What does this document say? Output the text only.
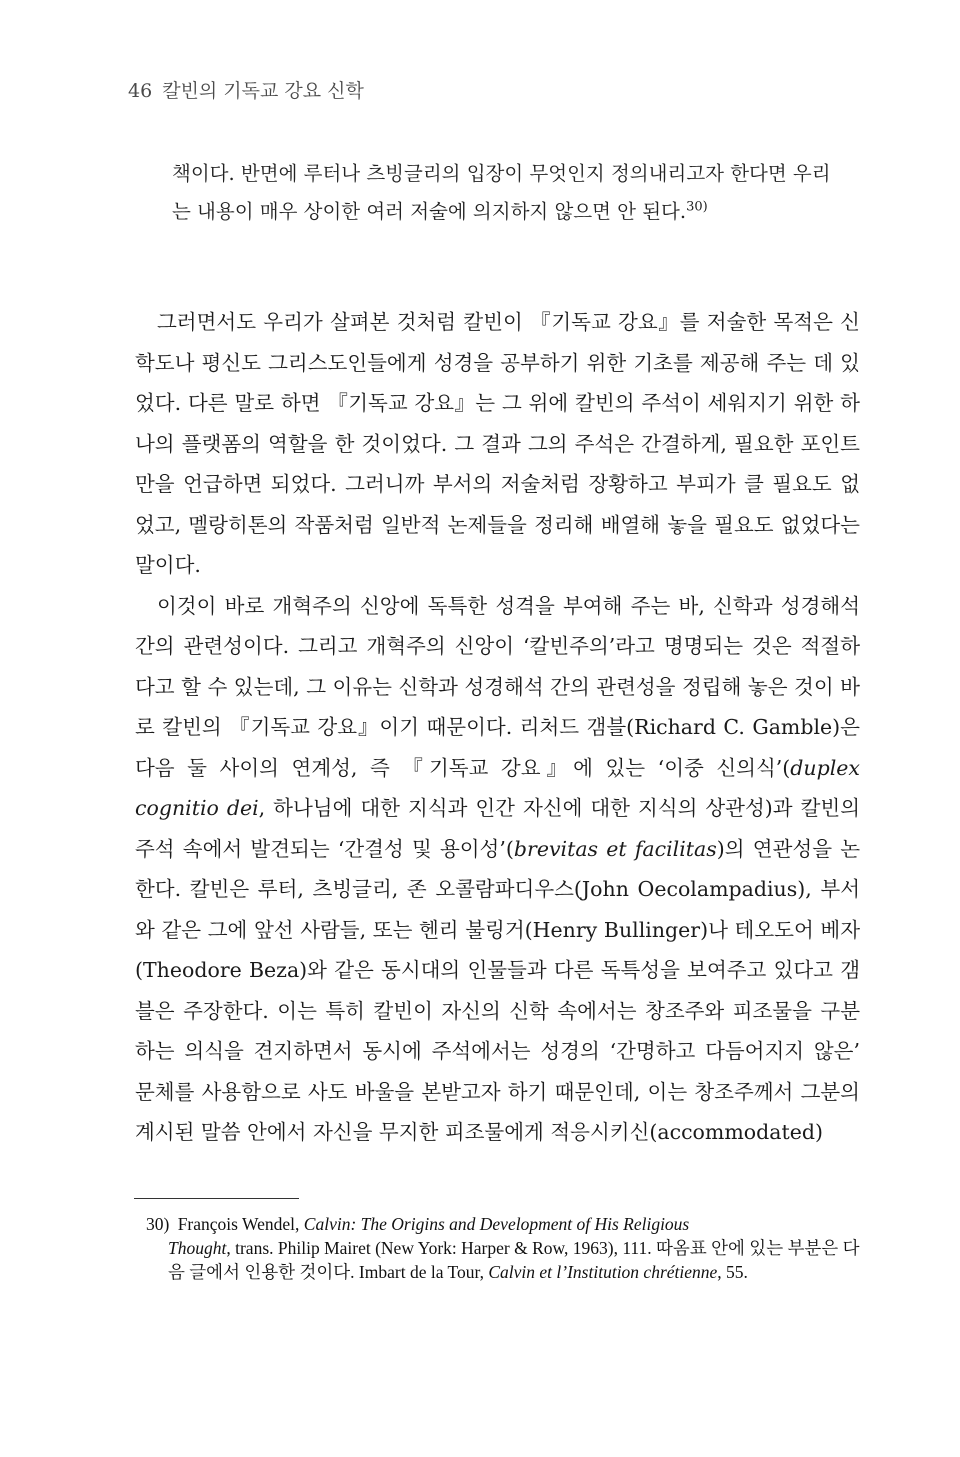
46 칼빈의 기독교 강요 신학
책이다. 반면에 루터나 츠빙글리의 입장이 무엇인지 정의내리고자 한다면 우리는 내용이 매우 상이한 여러 저술에 의지하지 않으면 안 된다.$^{30)}$

그러면서도 우리가 살펴본 것처럼 칼빈이 『기독교 강요』를 저술한 목적은 신학도나 평신도 그리스도인들에게 성경을 공부하기 위한 기초를 제공해 주는 데 있었다. 다른 말로 하면 『기독교 강요』는 그 위에 칼빈의 주석이 세워지기 위한 하나의 플랫폼의 역할을 한 것이었다. 그 결과 그의 주석은 간결하게, 필요한 포인트만을 언급하면 되었다. 그러니까 부서의 저술처럼 장황하고 부피가 클 필요도 없었고, 멜랑히톤의 작품처럼 일반적 논제들을 정리해 배열해 놓을 필요도 없었다는 말이다.

이것이 바로 개혁주의 신앙에 독특한 성격을 부여해 주는 바, 신학과 성경해석 간의 관련성이다. 그리고 개혁주의 신앙이 ‘칼빈주의’라고 명명되는 것은 적절하다고 할 수 있는데, 그 이유는 신학과 성경해석 간의 관련성을 정립해 놓은 것이 바로 칼빈의 『기독교 강요』이기 때문이다. 리처드 갬블(Richard C. Gamble)은 다음 둘 사이의 연계성, 즉 『기독교 강요』에 있는 ‘이중 신의식’(duplex cognitio dei, 하나님에 대한 지식과 인간 자신에 대한 지식의 상관성)과 칼빈의 주석 속에서 발견되는 ‘간결성 및 용이성’(brevitas et facilitas)의 연관성을 논한다. 칼빈은 루터, 츠빙글리, 존 오콜람파디우스(John Oecolampadius), 부서와 같은 그에 앞선 사람들, 또는 헨리 불링거(Henry Bullinger)나 테오도어 베자(Theodore Beza)와 같은 동시대의 인물들과 다른 독특성을 보여주고 있다고 갬블은 주장한다. 이는 특히 칼빈이 자신의 신학 속에서는 창조주와 피조물을 구분하는 의식을 견지하면서 동시에 주석에서는 성경의 ‘간명하고 다듬어지지 않은’ 문체를 사용함으로 사도 바울을 본받고자 하기 때문인데, 이는 창조주께서 그분의 계시된 말씀 안에서 자신을 무지한 피조물에게 적응시키신(accommodated)

30) François Wendel, Calvin: The Origins and Development of His Religious
Thought, trans. Philip Mairet (New York: Harper & Row, 1963), 111. 따옴표 안에 있는 부분은 다음 글에서 인용한 것이다. Imbart de la Tour, Calvin et l’Institution chrétienne, 55.
